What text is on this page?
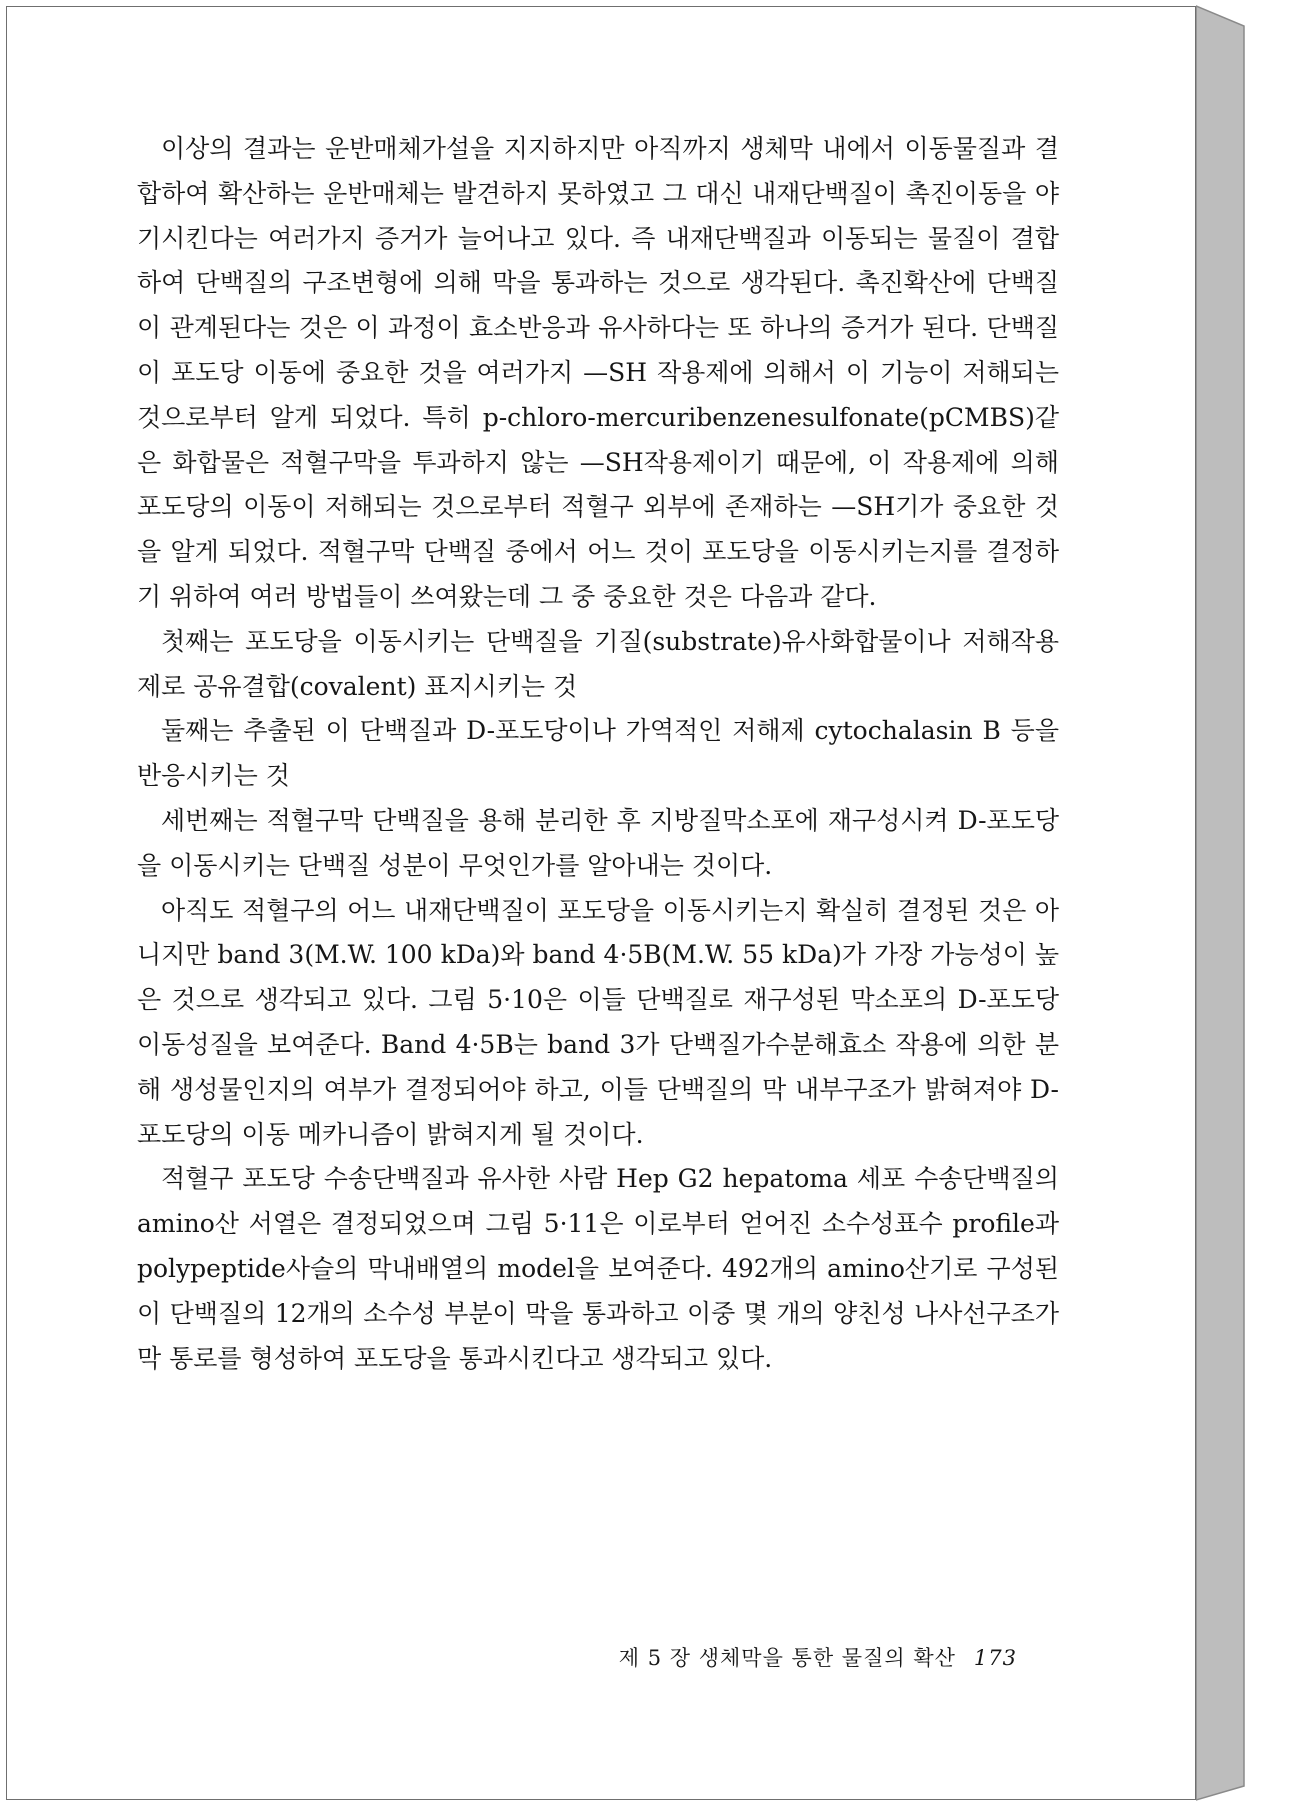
이상의 결과는 운반매체가설을 지지하지만 아직까지 생체막 내에서 이동물질과 결합하여 확산하는 운반매체는 발견하지 못하였고 그 대신 내재단백질이 촉진이동을 야기시킨다는 여러가지 증거가 늘어나고 있다. 즉 내재단백질과 이동되는 물질이 결합하여 단백질의 구조변형에 의해 막을 통과하는 것으로 생각된다. 촉진확산에 단백질이 관계된다는 것은 이 과정이 효소반응과 유사하다는 또 하나의 증거가 된다. 단백질이 포도당 이동에 중요한 것을 여러가지 —SH 작용제에 의해서 이 기능이 저해되는 것으로부터 알게 되었다. 특히 p-chloro-mercuribenzenesulfonate(pCMBS)같은 화합물은 적혈구막을 투과하지 않는 —SH작용제이기 때문에, 이 작용제에 의해 포도당의 이동이 저해되는 것으로부터 적혈구 외부에 존재하는 —SH기가 중요한 것을 알게 되었다. 적혈구막 단백질 중에서 어느 것이 포도당을 이동시키는지를 결정하기 위하여 여러 방법들이 쓰여왔는데 그 중 중요한 것은 다음과 같다.

첫째는 포도당을 이동시키는 단백질을 기질(substrate)유사화합물이나 저해작용제로 공유결합(covalent) 표지시키는 것

둘째는 추출된 이 단백질과 D-포도당이나 가역적인 저해제 cytochalasin B 등을 반응시키는 것

세번째는 적혈구막 단백질을 용해 분리한 후 지방질막소포에 재구성시켜 D-포도당을 이동시키는 단백질 성분이 무엇인가를 알아내는 것이다.

아직도 적혈구의 어느 내재단백질이 포도당을 이동시키는지 확실히 결정된 것은 아니지만 band 3(M.W. 100 kDa)와 band 4·5B(M.W. 55 kDa)가 가장 가능성이 높은 것으로 생각되고 있다. 그림 5·10은 이들 단백질로 재구성된 막소포의 D-포도당 이동성질을 보여준다. Band 4·5B는 band 3가 단백질가수분해효소 작용에 의한 분해 생성물인지의 여부가 결정되어야 하고, 이들 단백질의 막 내부구조가 밝혀져야 D-포도당의 이동 메카니즘이 밝혀지게 될 것이다.

적혈구 포도당 수송단백질과 유사한 사람 Hep G2 hepatoma 세포 수송단백질의 amino산 서열은 결정되었으며 그림 5·11은 이로부터 얻어진 소수성표수 profile과 polypeptide사슬의 막내배열의 model을 보여준다. 492개의 amino산기로 구성된 이 단백질의 12개의 소수성 부분이 막을 통과하고 이중 몇 개의 양친성 나사선구조가 막 통로를 형성하여 포도당을 통과시킨다고 생각되고 있다.

제 5 장 생체막을 통한 물질의 확산 173
